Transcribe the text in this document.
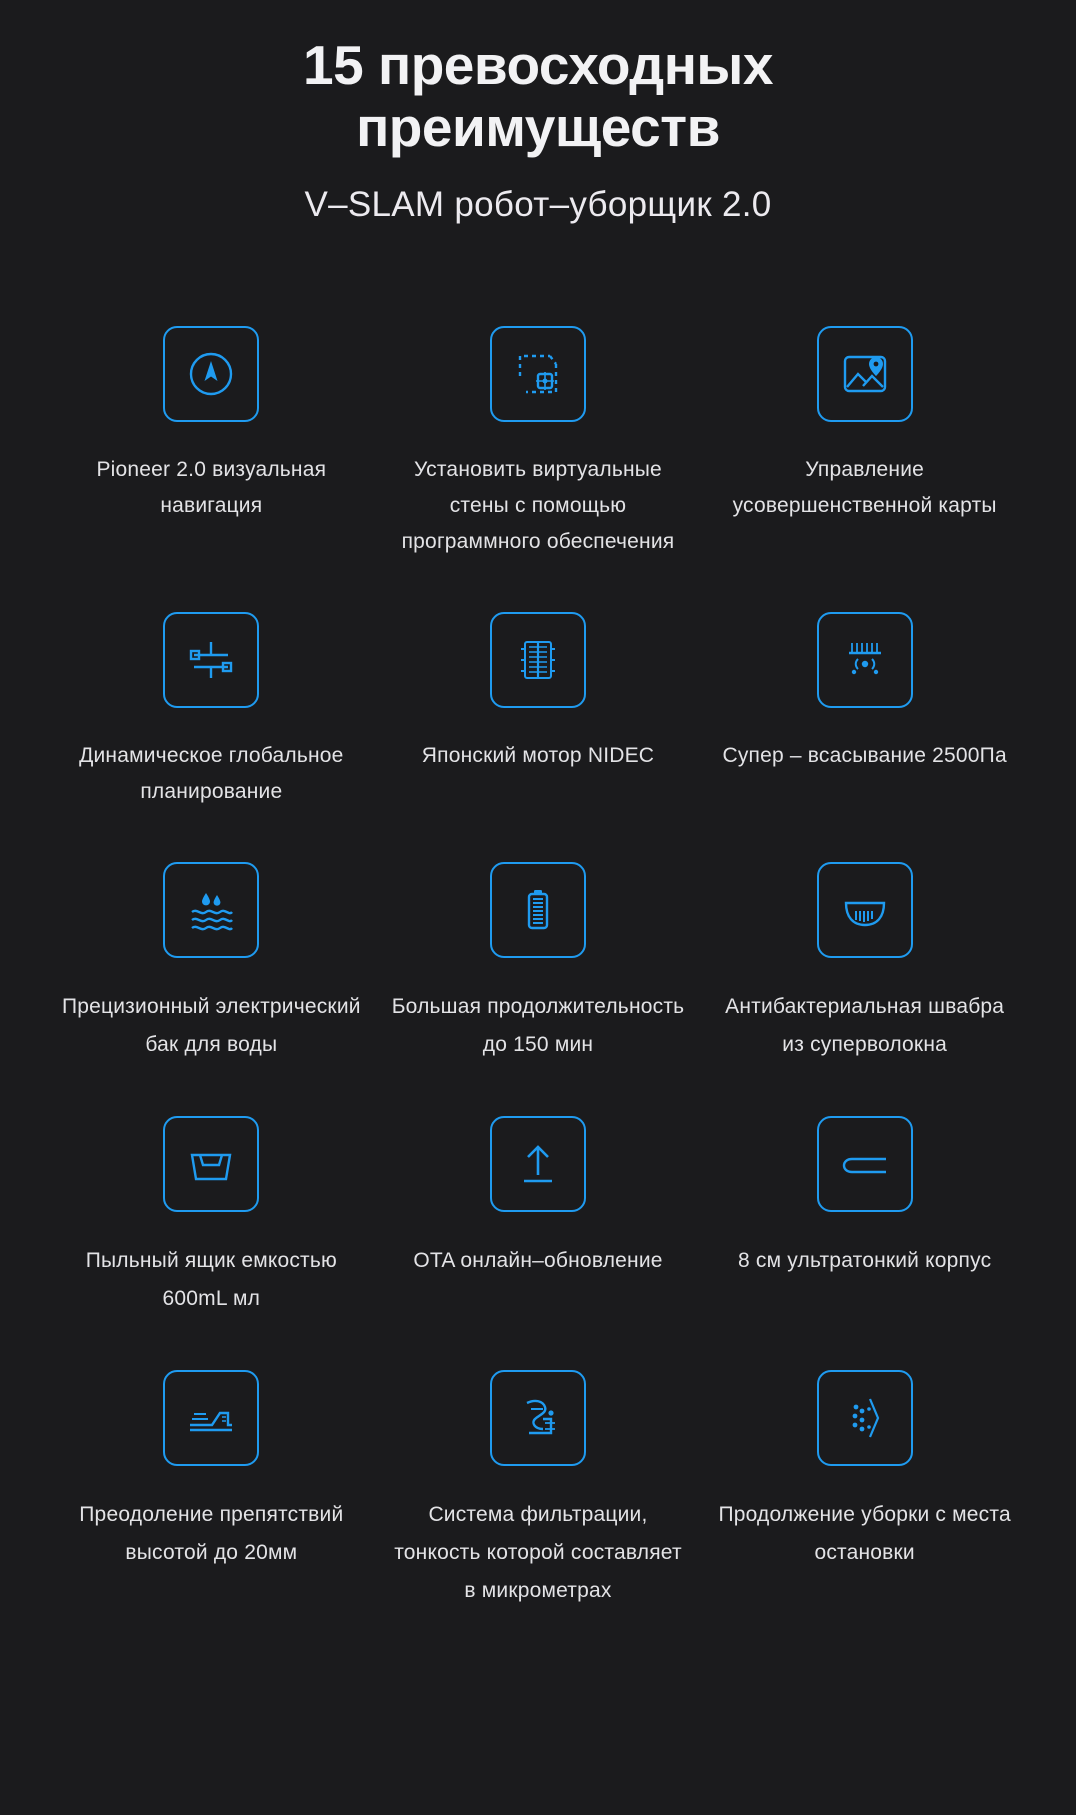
15 превосходных преимуществ
V–SLAM робот–уборщик 2.0
Pioneer 2.0 визуальная навигация
Установить виртуальные стены с помощью программного обеспечения
Управление усовершенственной карты
Динамическое глобальное планирование
Японский мотор NIDEC	Супер – всасывание 2500Па
Прецизионный электрический бак для воды
Большая продолжительность до 150 мин
Антибактериальная швабра из суперволокна
Пыльный ящик емкостью 600mL мл
OTA онлайн–обновление	8 см ультратонкий корпус
Преодоление препятствий высотой до 20мм
Система фильтрации, тонкость которой составляет в микрометрах
Продолжение уборки с места остановки
